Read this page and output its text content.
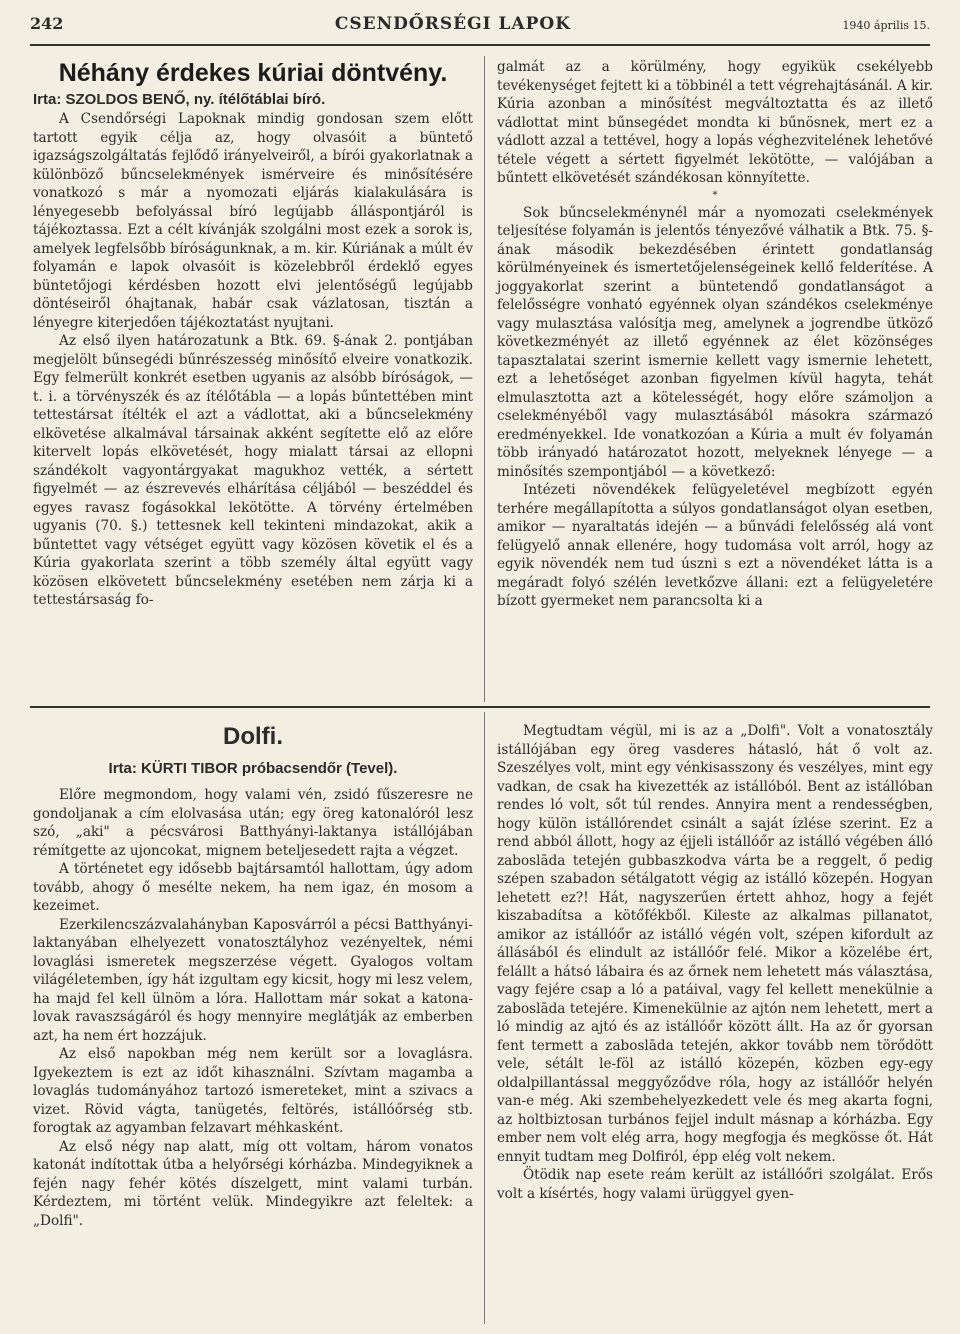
242	CSENDŐRSÉGI LAPOK	1940 április 15.
Néhány érdekes kúriai döntvény.

Irta: SZOLDOS BENŐ, ny. ítélőtáblai bíró.

A Csendőrségi Lapoknak mindig gondosan szem előtt tartott egyik célja az, hogy olvasóit a büntető igazságszolgáltatás fejlődő irányelveiről, a bírói gyakorlatnak a különböző bűncselekmények ismérveire és minősítésére vonatkozó s már a nyomozati eljárás kialakulására is lényegesebb befolyással bíró legújabb álláspontjáról is tájékoztassa. Ezt a célt kívánják szolgálni most ezek a sorok is, amelyek legfelsőbb bíróságunknak, a m. kir. Kúriának a múlt év folyamán e lapok olvasóit is közelebbről érdeklő egyes büntetőjogi kérdésben hozott elvi jelentőségű legújabb döntéseiről óhajtanak, habár csak vázlatosan, tisztán a lényegre kiterjedően tájékoztatást nyujtani.

Az első ilyen határozatunk a Btk. 69. §-ának 2. pontjában megjelölt bűnsegédi bűnrészesség minősítő elveire vonatkozik. Egy felmerült konkrét esetben ugyanis az alsóbb bíróságok, — t. i. a törvényszék és az ítélőtábla — a lopás bűntettében mint tettestársat ítélték el azt a vádlottat, aki a bűncselekmény elkövetése alkalmával társainak akként segítette elő az előre kitervelt lopás elkövetését, hogy mialatt társai az ellopni szándékolt vagyontárgyakat magukhoz vették, a sértett figyelmét — az észrevevés elhárítása céljából — beszéddel és egyes ravasz fogásokkal lekötötte. A törvény értelmében ugyanis (70. §.) tettesnek kell tekinteni mindazokat, akik a bűntettet vagy vétséget együtt vagy közösen követik el és a Kúria gyakorlata szerint a több személy által együtt vagy közösen elkövetett bűncselekmény esetében nem zárja ki a tettestársaság fo-

galmát az a körülmény, hogy egyikük csekélyebb tevékenységet fejtett ki a többinél a tett végrehajtásánál. A kir. Kúria azonban a minősítést megváltoztatta és az illető vádlottat mint bűnsegédet mondta ki bűnösnek, mert ez a vádlott azzal a tettével, hogy a lopás véghezvitelének lehetővé tétele végett a sértett figyelmét lekötötte, — valójában a bűntett elkövetését szándékosan könnyítette.

*

Sok bűncselekménynél már a nyomozati cselekmények teljesítése folyamán is jelentős tényezővé válhatik a Btk. 75. §-ának második bekezdésében érintett gondatlanság körülményeinek és ismertetőjelenségeinek kellő felderítése. A joggyakorlat szerint a büntetendő gondatlanságot a felelősségre vonható egyénnek olyan szándékos cselekménye vagy mulasztása valósítja meg, amelynek a jogrendbe ütköző következményét az illető egyénnek az élet közönséges tapasztalatai szerint ismernie kellett vagy ismernie lehetett, ezt a lehetőséget azonban figyelmen kívül hagyta, tehát elmulasztotta azt a kötelességét, hogy előre számoljon a cselekményéből vagy mulasztásából másokra származó eredményekkel. Ide vonatkozóan a Kúria a mult év folyamán több irányadó határozatot hozott, melyeknek lényege — a minősítés szempontjából — a következő:

Intézeti növendékek felügyeletével megbízott egyén terhére megállapította a súlyos gondatlanságot olyan esetben, amikor — nyaraltatás idején — a bűnvádi felelősség alá vont felügyelő annak ellenére, hogy tudomása volt arról, hogy az egyik növendék nem tud úszni s ezt a növendéket látta is a megáradt folyó szélén levetkőzve állani: ezt a felügyeletére bízott gyermeket nem parancsolta ki a

Dolfi.
Irta: KÜRTI TIBOR próbacsendőr (Tevel).

Előre megmondom, hogy valami vén, zsidó fűszeresre ne gondoljanak a cím elolvasása után; egy öreg katonalóról lesz szó, „aki" a pécsvárosi Batthyányi-laktanya istállójában rémítgette az ujoncokat, mignem beteljesedett rajta a végzet.

A történetet egy idősebb bajtársamtól hallottam, úgy adom tovább, ahogy ő mesélte nekem, ha nem igaz, én mosom a kezeimet.

Ezerkilencszázvalahányban Kaposvárról a pécsi Batthyányi-laktanyában elhelyezett vonatosztályhoz vezényeltek, némi lovaglási ismeretek megszerzése végett. Gyalogos voltam világéletemben, így hát izgultam egy kicsit, hogy mi lesz velem, ha majd fel kell ülnöm a lóra. Hallottam már sokat a katona-lovak ravaszságáról és hogy mennyire meglátják az emberben azt, ha nem ért hozzájuk.

Az első napokban még nem került sor a lovaglásra. Igyekeztem is ezt az időt kihasználni. Szívtam magamba a lovaglás tudományához tartozó ismereteket, mint a szivacs a vizet. Rövid vágta, tanügetés, feltörés, istállóőrség stb. forogtak az agyamban felzavart méhkasként.

Az első négy nap alatt, míg ott voltam, három vonatos katonát indítottak útba a helyőrségi kórházba. Mindegyiknek a fején nagy fehér kötés díszelgett, mint valami turbán. Kérdeztem, mi történt velük. Mindegyikre azt feleltek: a „Dolfi".

Megtudtam végül, mi is az a „Dolfi". Volt a vonatosztály istállójában egy öreg vasderes hátasló, hát ő volt az. Szeszélyes volt, mint egy vénkisasszony és veszélyes, mint egy vadkan, de csak ha kivezették az istállóból. Bent az istállóban rendes ló volt, sőt túl rendes. Annyira ment a rendességben, hogy külön istállórendet csinált a saját ízlése szerint. Ez a rend abból állott, hogy az éjjeli istállóőr az istálló végében álló zaboslāda tetején gubbaszkodva várta be a reggelt, ő pedig szépen szabadon sétálgatott végig az istálló közepén. Hogyan lehetett ez?! Hát, nagyszerűen értett ahhoz, hogy a fejét kiszabadítsa a kötőfékből. Kileste az alkalmas pillanatot, amikor az istállóőr az istálló végén volt, szépen kifordult az állásából és elindult az istállóőr felé. Mikor a közelébe ért, felállt a hátsó lábaira és az őrnek nem lehetett más választása, vagy fejére csap a ló a patáival, vagy fel kellett menekülnie a zaboslāda tetejére. Kimenekülnie az ajtón nem lehetett, mert a ló mindig az ajtó és az istállóőr között állt. Ha az őr gyorsan fent termett a zaboslāda tetején, akkor tovább nem törődött vele, sétált le-föl az istálló közepén, közben egy-egy oldalpillantással meggyőződve róla, hogy az istállóőr helyén van-e még. Aki szembehelyezkedett vele és meg akarta fogni, az holtbiztosan turbános fejjel indult másnap a kórházba. Egy ember nem volt elég arra, hogy megfogja és megkösse őt. Hát ennyit tudtam meg Dolfiról, épp elég volt nekem.

Ötödik nap esete reám került az istállóőri szolgálat. Erős volt a kísértés, hogy valami ürüggyel gyen-
